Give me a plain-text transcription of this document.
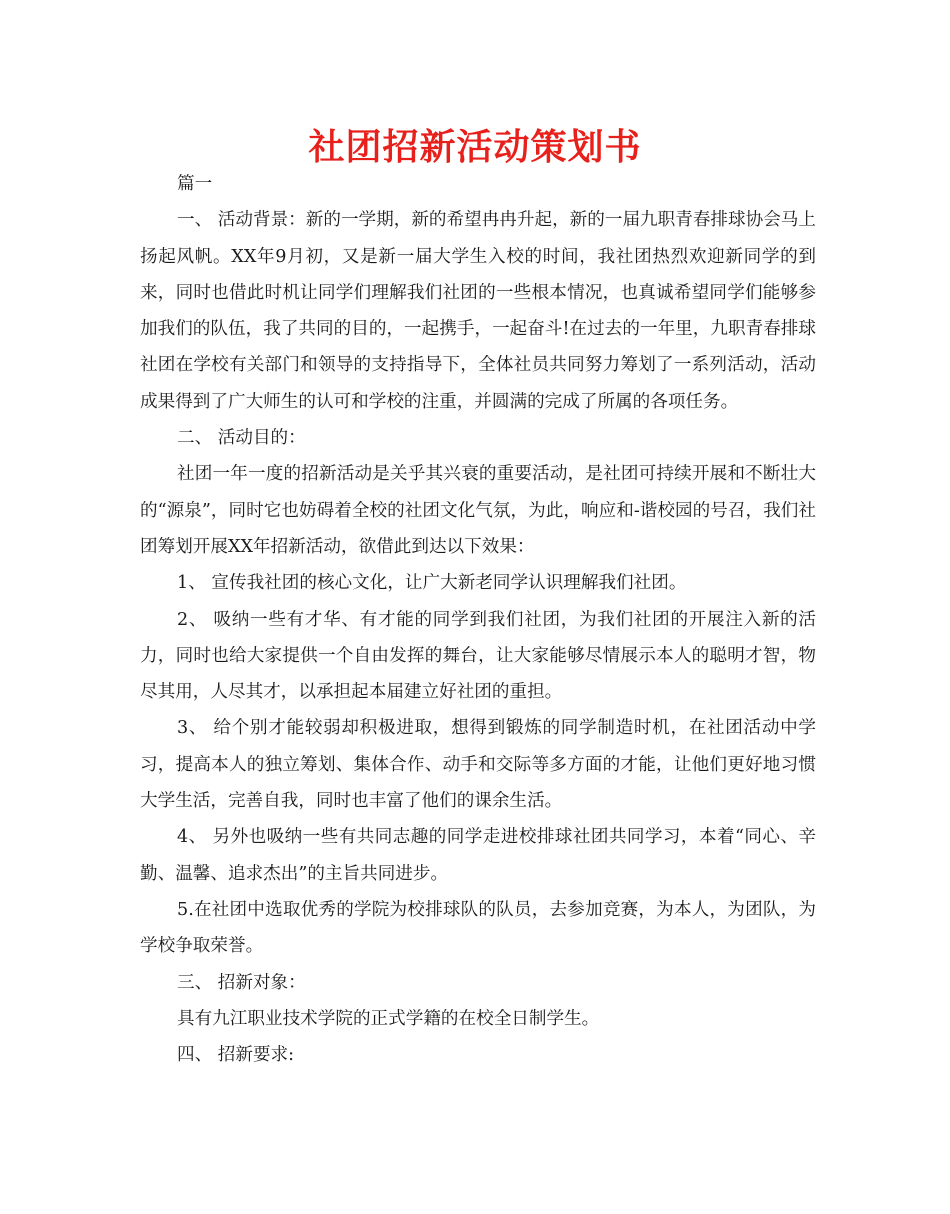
社团招新活动策划书

篇一

一、 活动背景：新的一学期，新的希望冉冉升起，新的一届九职青春排球协会马上扬起风帆。XX年9月初，又是新一届大学生入校的时间，我社团热烈欢迎新同学的到来，同时也借此时机让同学们理解我们社团的一些根本情况，也真诚希望同学们能够参加我们的队伍，我了共同的目的，一起携手，一起奋斗!在过去的一年里，九职青春排球社团在学校有关部门和领导的支持指导下，全体社员共同努力筹划了一系列活动，活动成果得到了广大师生的认可和学校的注重，并圆满的完成了所属的各项任务。

二、 活动目的：

社团一年一度的招新活动是关乎其兴衰的重要活动，是社团可持续开展和不断壮大的“源泉”，同时它也妨碍着全校的社团文化气氛，为此，响应和-谐校园的号召，我们社团筹划开展XX年招新活动，欲借此到达以下效果：

1、 宣传我社团的核心文化，让广大新老同学认识理解我们社团。

2、 吸纳一些有才华、有才能的同学到我们社团，为我们社团的开展注入新的活力，同时也给大家提供一个自由发挥的舞台，让大家能够尽情展示本人的聪明才智，物尽其用，人尽其才，以承担起本届建立好社团的重担。

3、 给个别才能较弱却积极进取，想得到锻炼的同学制造时机，在社团活动中学习，提高本人的独立筹划、集体合作、动手和交际等多方面的才能，让他们更好地习惯大学生活，完善自我，同时也丰富了他们的课余生活。

4、 另外也吸纳一些有共同志趣的同学走进校排球社团共同学习，本着“同心、辛勤、温馨、追求杰出”的主旨共同进步。

5.在社团中选取优秀的学院为校排球队的队员，去参加竞赛，为本人，为团队，为学校争取荣誉。

三、 招新对象：

具有九江职业技术学院的正式学籍的在校全日制学生。

四、 招新要求:
